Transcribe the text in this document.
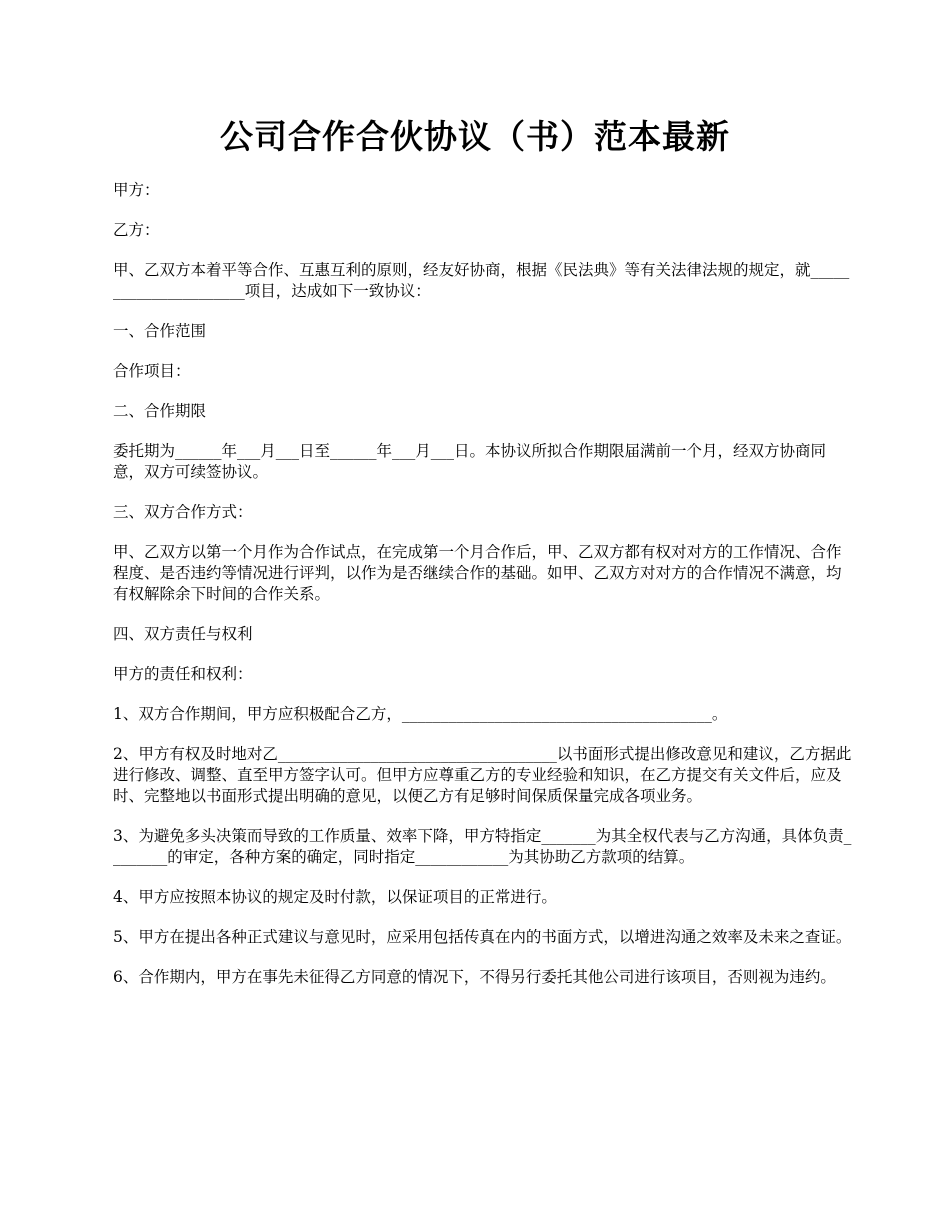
公司合作合伙协议（书）范本最新

甲方：

乙方：

甲、乙双方本着平等合作、互惠互利的原则，经友好协商，根据《民法典》等有关法律法规的规定，就______________________项目，达成如下一致协议：

一、合作范围

合作项目：

二、合作期限

委托期为______年___月___日至______年___月___日。本协议所拟合作期限届满前一个月，经双方协商同意，双方可续签协议。

三、双方合作方式：

甲、乙双方以第一个月作为合作试点，在完成第一个月合作后，甲、乙双方都有权对对方的工作情况、合作程度、是否违约等情况进行评判，以作为是否继续合作的基础。如甲、乙双方对对方的合作情况不满意，均有权解除余下时间的合作关系。

四、双方责任与权利

甲方的责任和权利：

1、双方合作期间，甲方应积极配合乙方，________________________________________。

2、甲方有权及时地对乙____________________________________以书面形式提出修改意见和建议，乙方据此进行修改、调整、直至甲方签字认可。但甲方应尊重乙方的专业经验和知识，在乙方提交有关文件后，应及时、完整地以书面形式提出明确的意见，以便乙方有足够时间保质保量完成各项业务。

3、为避免多头决策而导致的工作质量、效率下降，甲方特指定_______为其全权代表与乙方沟通，具体负责________的审定，各种方案的确定，同时指定____________为其协助乙方款项的结算。

4、甲方应按照本协议的规定及时付款，以保证项目的正常进行。

5、甲方在提出各种正式建议与意见时，应采用包括传真在内的书面方式，以增进沟通之效率及未来之查证。

6、合作期内，甲方在事先未征得乙方同意的情况下，不得另行委托其他公司进行该项目，否则视为违约。
